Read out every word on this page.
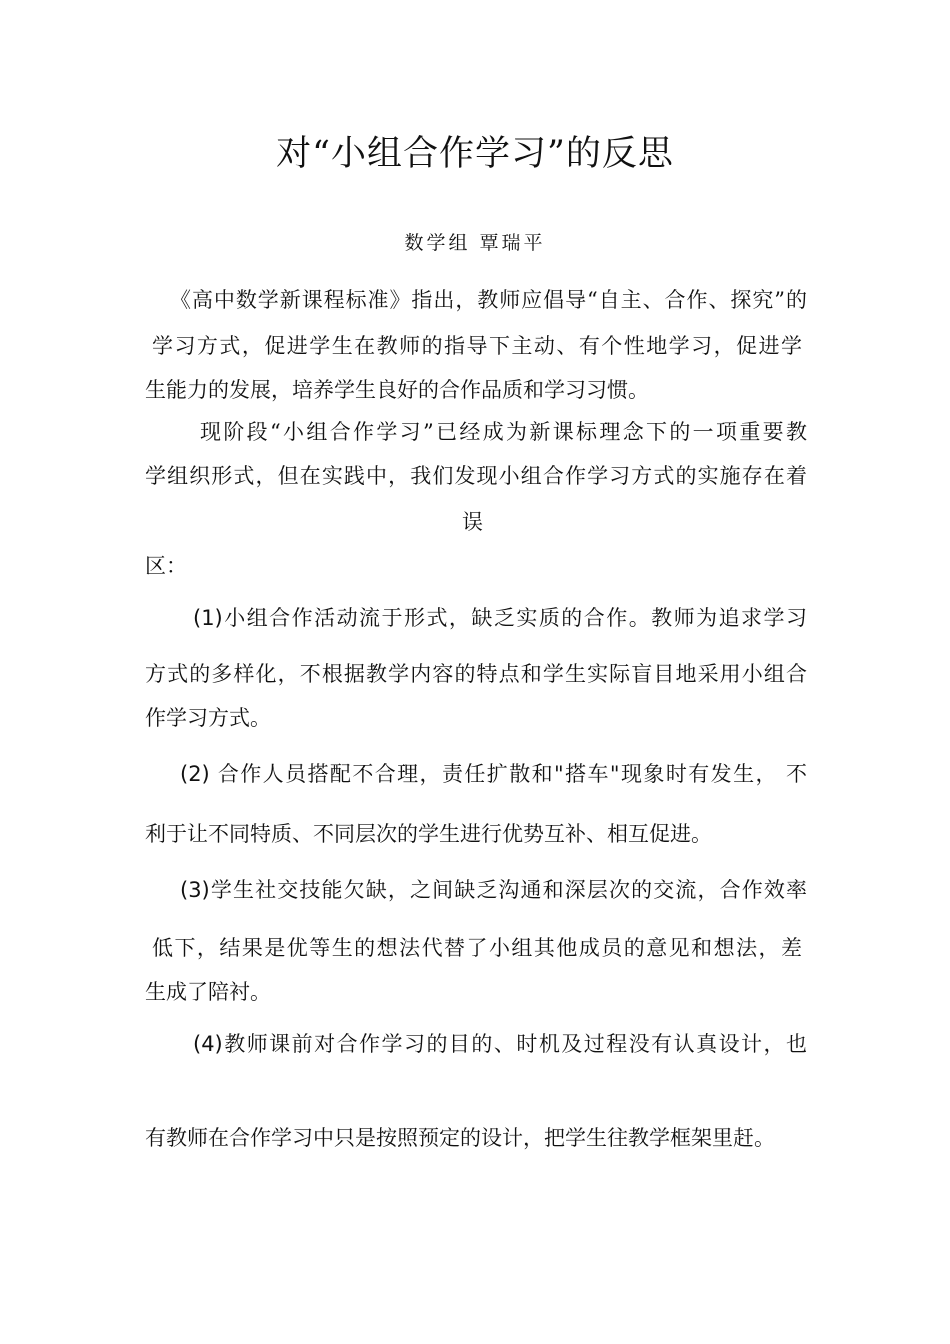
对“小组合作学习”的反思
数学组 覃瑞平
《高中数学新课程标准》指出，教师应倡导“自主、合作、探究”的
学习方式，促进学生在教师的指导下主动、有个性地学习，促进学
生能力的发展，培养学生良好的合作品质和学习习惯。
现阶段“小组合作学习”已经成为新课标理念下的一项重要教
学组织形式，但在实践中，我们发现小组合作学习方式的实施存在着
误
区：
(1)小组合作活动流于形式，缺乏实质的合作。教师为追求学习
方式的多样化，不根据教学内容的特点和学生实际盲目地采用小组合
作学习方式。
(2) 合作人员搭配不合理，责任扩散和"搭车"现象时有发生， 不
利于让不同特质、不同层次的学生进行优势互补、相互促进。
(3)学生社交技能欠缺，之间缺乏沟通和深层次的交流，合作效率
低下，结果是优等生的想法代替了小组其他成员的意见和想法，差
生成了陪衬。
(4)教师课前对合作学习的目的、时机及过程没有认真设计，也
有教师在合作学习中只是按照预定的设计，把学生往教学框架里赶。
